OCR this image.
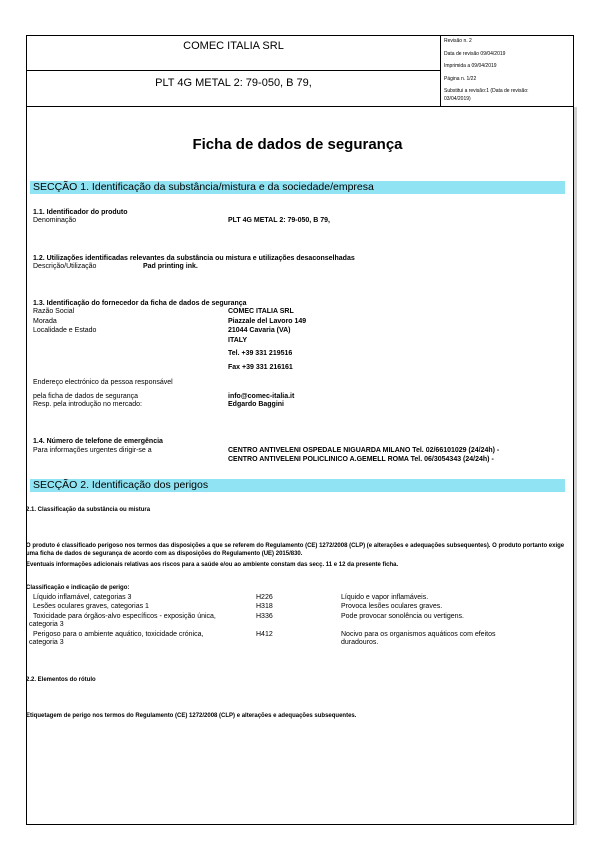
COMEC ITALIA SRL
PLT 4G METAL 2: 79-050, B 79,
Revisão n. 2
Data de revisão 09/04/2019
Imprimida a 09/04/2019
Página n. 1/22
Substitui a revisão:1 (Data de revisão:
03/04/2019)
Ficha de dados de segurança
SECÇÃO 1. Identificação da substância/mistura e da sociedade/empresa
1.1. Identificador do produto
Denominação	PLT 4G METAL 2: 79-050, B 79,
1.2. Utilizações identificadas relevantes da substância ou mistura e utilizações desaconselhadas
Descrição/Utilização	Pad printing ink.
1.3. Identificação do fornecedor da ficha de dados de segurança
Razão Social	COMEC ITALIA SRL
Morada	Piazzale del Lavoro 149
Localidade e Estado	21044 Cavaria (VA)
ITALY
Tel. +39 331 219516
Fax +39 331 216161
Endereço electrónico da pessoa responsável
pela ficha de dados de segurança	info@comec-italia.it
Resp. pela introdução no mercado:	Edgardo Baggini
1.4. Número de telefone de emergência
Para informações urgentes dirigir-se a	CENTRO ANTIVELENI OSPEDALE NIGUARDA MILANO Tel. 02/66101029 (24/24h) -
CENTRO ANTIVELENI POLICLINICO A.GEMELL ROMA Tel. 06/3054343 (24/24h) -
SECÇÃO 2. Identificação dos perigos
2.1. Classificação da substância ou mistura
O produto é classificado perigoso nos termos das disposições a que se referem do Regulamento (CE) 1272/2008 (CLP) (e alterações e adequações subsequentes). O produto portanto exige uma ficha de dados de segurança de acordo com as disposições do Regulamento (UE) 2015/830.
Eventuais informações adicionais relativas aos riscos para a saúde e/ou ao ambiente constam das secç. 11 e 12 da presente ficha.
Classificação e indicação de perigo:
Líquido inflamável, categorias 3	H226	Líquido e vapor inflamáveis.
Lesões oculares graves, categorias 1	H318	Provoca lesões oculares graves.
Toxicidade para órgãos-alvo específicos - exposição única,
categoria 3
H336	Pode provocar sonolência ou vertigens.
Perigoso para o ambiente aquático, toxicidade crónica,
categoria 3
H412	Nocivo para os organismos aquáticos com efeitos
duradouros.
2.2. Elementos do rótulo
Etiquetagem de perigo nos termos do Regulamento (CE) 1272/2008 (CLP) e alterações e adequações subsequentes.
